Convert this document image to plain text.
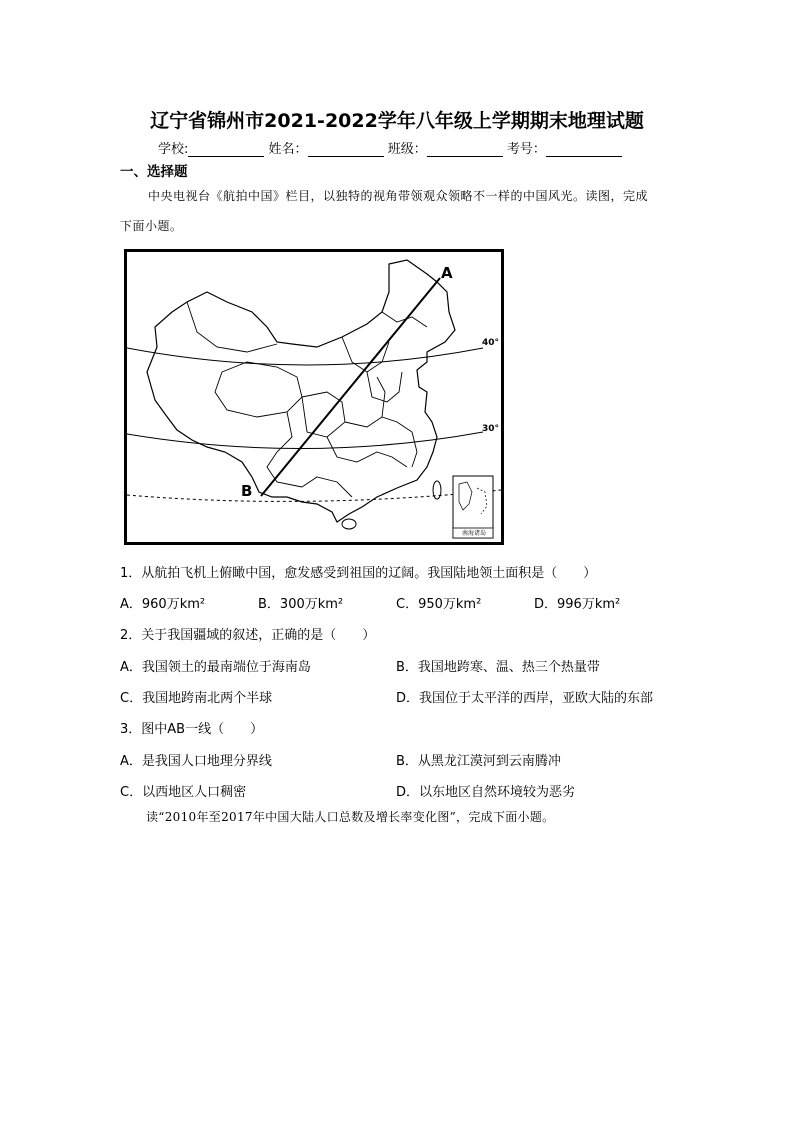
辽宁省锦州市2021-2022学年八年级上学期期末地理试题
学校:	姓名：	班级：	考号：
一、选择题
中央电视台《航拍中国》栏目，以独特的视角带领观众领略不一样的中国风光。读图，完成下面小题。
A
B
40°
30°
南海诸岛
1．从航拍飞机上俯瞰中国，愈发感受到祖国的辽阔。我国陆地领土面积是（　　）
A．960万km²	B．300万km²	C．950万km²	D．996万km²
2．关于我国疆域的叙述，正确的是（　　）
A．我国领土的最南端位于海南岛	B．我国地跨寒、温、热三个热量带
C．我国地跨南北两个半球	D．我国位于太平洋的西岸，亚欧大陆的东部
3．图中AB一线（　　）
A．是我国人口地理分界线	B．从黑龙江漠河到云南腾冲
C．以西地区人口稠密	D．以东地区自然环境较为恶劣
读“2010年至2017年中国大陆人口总数及增长率变化图”，完成下面小题。
